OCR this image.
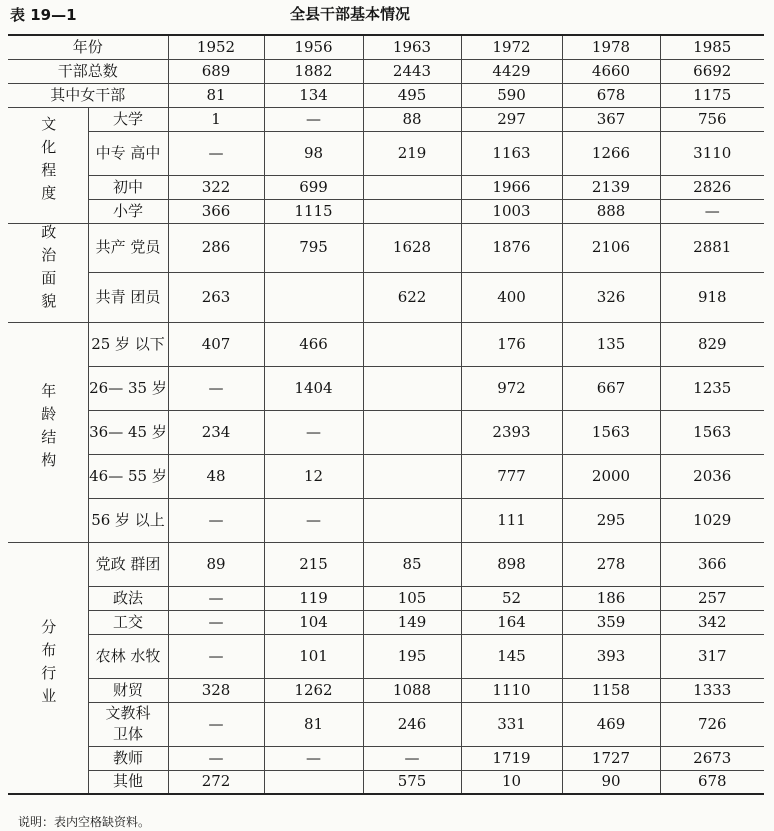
表 19—1	全县干部基本情况
年份		1952	1956	1963	1972	1978	1985
干部总数		689	1882	2443	4429	4660	6692
其中女干部		81	134	495	590	678	1175
文化程度	大学	1	—	88	297	367	756
	中专 高中	—	98	219	1163	1266	3110
	初中	322	699		1966	2139	2826
	小学	366	1115		1003	888	—
政治面貌	共产 党员	286	795	1628	1876	2106	2881
	共青 团员	263		622	400	326	918
年龄结构	25 岁 以下	407	466		176	135	829
	26— 35 岁	—	1404		972	667	1235
	36— 45 岁	234	—		2393	1563	1563
	46— 55 岁	48	12		777	2000	2036
	56 岁 以上	—	—		111	295	1029
分布行业	党政 群团	89	215	85	898	278	366
	政法	—	119	105	52	186	257
	工交	—	104	149	164	359	342
	农林 水牧	—	101	195	145	393	317
	财贸	328	1262	1088	1110	1158	1333
	文教科 卫体	—	81	246	331	469	726
	教师	—	—	—	1719	1727	2673
	其他	272		575	10	90	678
说明：表内空格缺资料。
